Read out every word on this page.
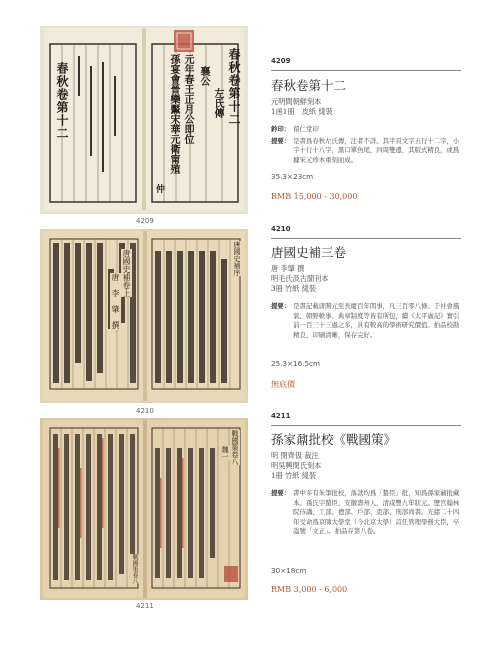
春秋卷第十二	春秋卷第十二
左氏傳
襄公
元年春王正月公即位
孫宴會晉欒黶宋華元衛甯殖
仲
4209
唐國史補卷上
唐　李　肇　撰
唐國史補序
4210
戰國策卷八
魏一
戰國策卷八
4211
4209
春秋卷第十二
元明間朝鮮刻本
1函1冊　皮紙 綫裝

鈐印： 留仁堂印

提要： 是書爲春秋左氏傳，注者不詳。其半頁文字五行十二字，小字十行十八字，黑口單魚尾，四周雙邊，其版式精良，或爲據宋元珍本重刻而成。

35.3×23cm
RMB 15,000 - 30,000
4210
唐國史補三卷
唐 李肇 撰
明毛氏汲古閣刊本
3冊 竹紙 綫裝

提要： 是書記載唐開元至長慶百年間事，凡三百零八條。于社會風氣、朝野軼事、典章制度等皆有所包，續《太平廣記》實引前一百三十三處之多，具有較高的學術研究價值。拍品校勘精良，印刷清晰，保存完好。

25.3×16.5cm
無底價
4211
孫家鼐批校《戰國策》
明 閔齊伋 裁注
明吳興閔氏刻本
1冊 竹紙 綫裝

提要： 書中多有朱筆批校，落款均爲「蟄臣」批，知爲孫家鼐批藏本。孫氏字蟄臣，安徽壽州人，清咸豐九年狀元。歷官翰林院侍講、工部、禮部、戶部、吏部、刑部尚書。光緒二十四年受命爲京師大學堂（今北京大學）首任管理學務大臣，卒諡號「文正」。拍品存第八卷。

30×18cm
RMB 3,000 - 6,000
